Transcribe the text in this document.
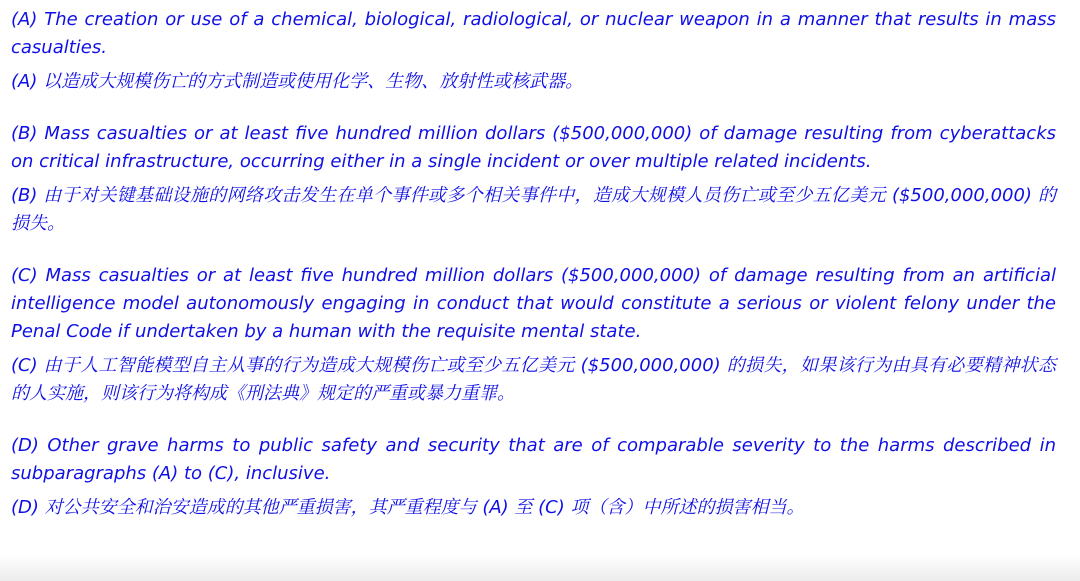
(A) The creation or use of a chemical, biological, radiological, or nuclear weapon in a manner that results in mass casualties.

(A) 以造成大规模伤亡的方式制造或使用化学、生物、放射性或核武器。

(B) Mass casualties or at least five hundred million dollars ($500,000,000) of damage resulting from cyberattacks on critical infrastructure, occurring either in a single incident or over multiple related incidents.

(B) 由于对关键基础设施的网络攻击发生在单个事件或多个相关事件中，造成大规模人员伤亡或至少五亿美元 ($500,000,000) 的损失。

(C) Mass casualties or at least five hundred million dollars ($500,000,000) of damage resulting from an artificial intelligence model autonomously engaging in conduct that would constitute a serious or violent felony under the Penal Code if undertaken by a human with the requisite mental state.

(C) 由于人工智能模型自主从事的行为造成大规模伤亡或至少五亿美元 ($500,000,000) 的损失，如果该行为由具有必要精神状态的人实施，则该行为将构成《刑法典》规定的严重或暴力重罪。

(D) Other grave harms to public safety and security that are of comparable severity to the harms described in subparagraphs (A) to (C), inclusive.

(D) 对公共安全和治安造成的其他严重损害，其严重程度与 (A) 至 (C) 项（含）中所述的损害相当。
